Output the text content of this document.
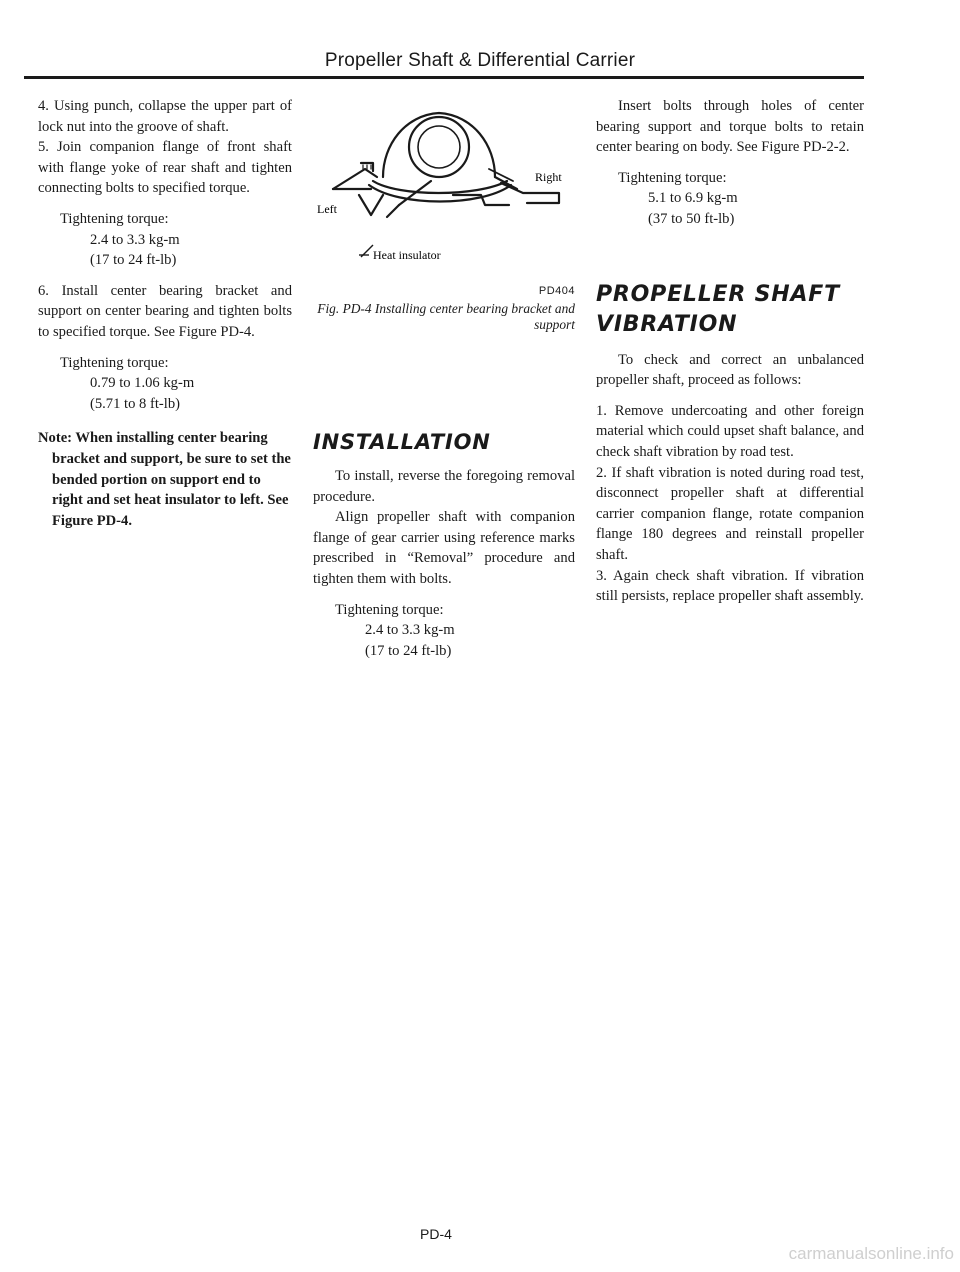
Propeller Shaft & Differential Carrier

4. Using punch, collapse the upper part of lock nut into the groove of shaft.

5. Join companion flange of front shaft with flange yoke of rear shaft and tighten connecting bolts to specified torque.

Tightening torque:

2.4 to 3.3 kg-m

(17 to 24 ft-lb)

6. Install center bearing bracket and support on center bearing and tighten bolts to specified torque. See Figure PD-4.

Tightening torque:

0.79 to 1.06 kg-m

(5.71 to 8 ft-lb)

Note: When installing center bearing bracket and support, be sure to set the bended portion on support end to right and set heat insulator to left. See Figure PD-4.

Right
Left
Heat insulator
PD404
Fig. PD-4 Installing center bearing bracket and support
INSTALLATION

To install, reverse the foregoing removal procedure.

Align propeller shaft with companion flange of gear carrier using reference marks prescribed in “Removal” procedure and tighten them with bolts.

Tightening torque:

2.4 to 3.3 kg-m

(17 to 24 ft-lb)

Insert bolts through holes of center bearing support and torque bolts to retain center bearing on body. See Figure PD-2-2.

Tightening torque:

5.1 to 6.9 kg-m

(37 to 50 ft-lb)

PROPELLER SHAFT
VIBRATION

To check and correct an unbalanced propeller shaft, proceed as follows:

1. Remove undercoating and other foreign material which could upset shaft balance, and check shaft vibration by road test.

2. If shaft vibration is noted during road test, disconnect propeller shaft at differential carrier companion flange, rotate companion flange 180 degrees and reinstall propeller shaft.

3. Again check shaft vibration. If vibration still persists, replace propeller shaft assembly.

PD-4
carmanualsonline.info
